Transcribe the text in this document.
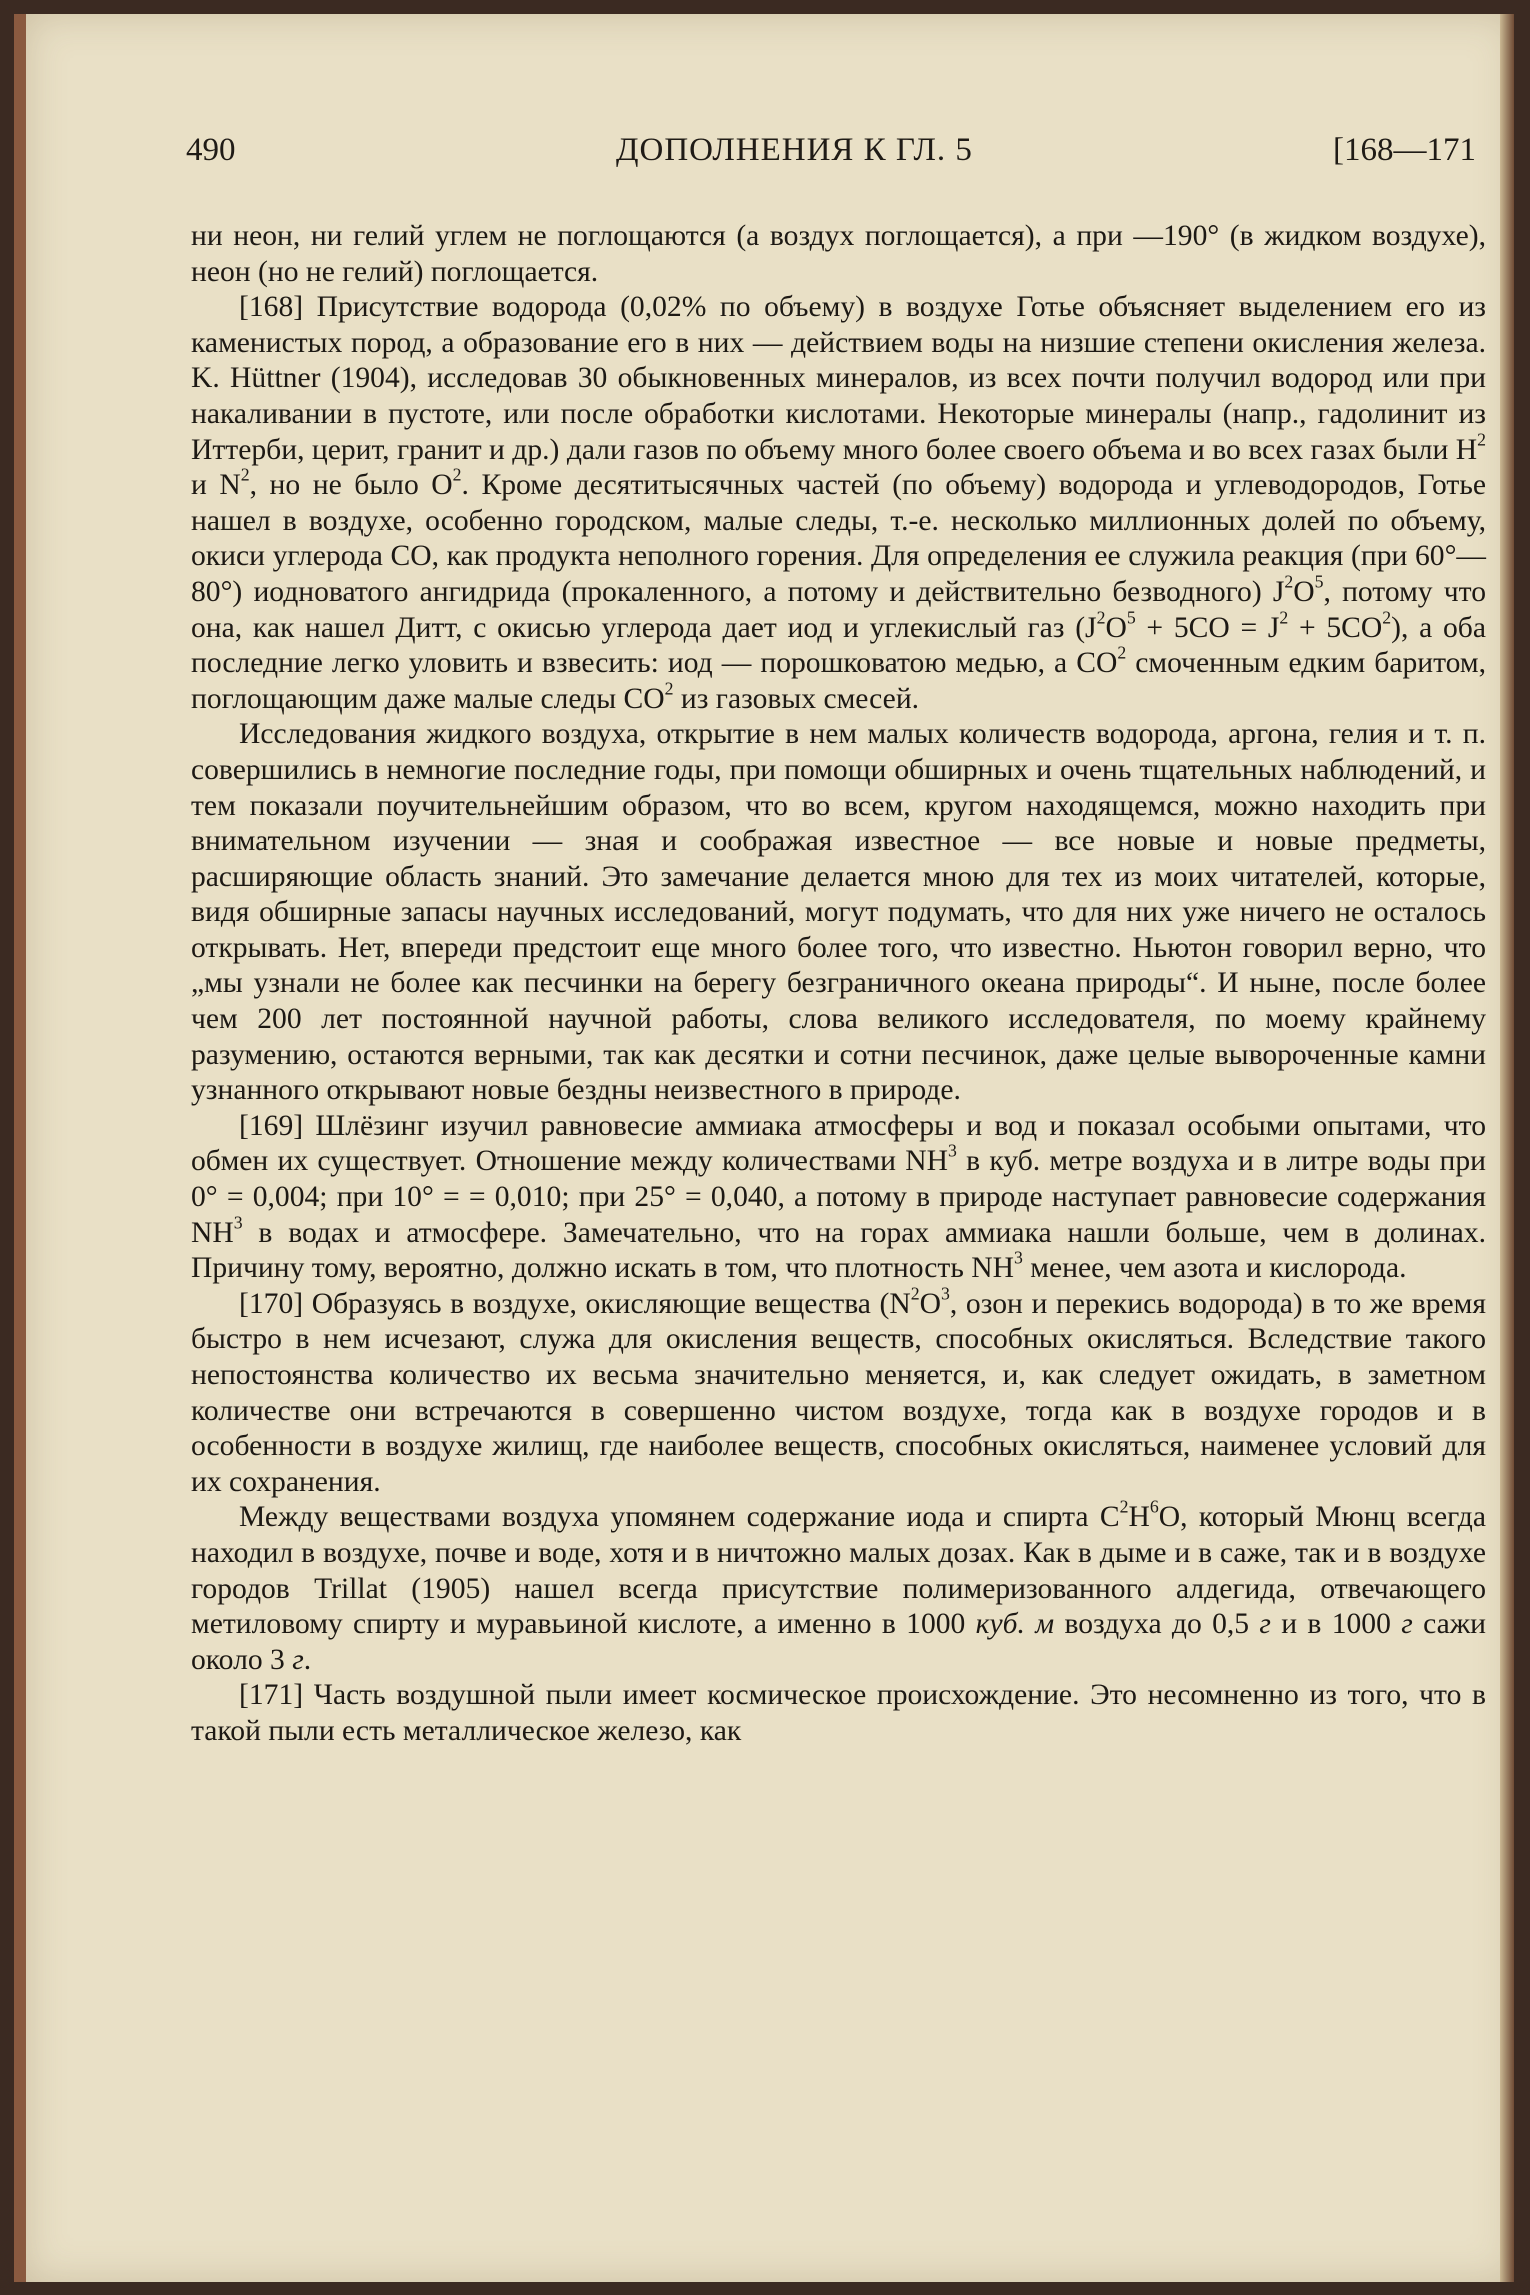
490	ДОПОЛНЕНИЯ К ГЛ. 5	[168—171

ни неон, ни гелий углем не поглощаются (а воздух поглощается), а при —190° (в жидком воздухе), неон (но не гелий) поглощается.

[168] Присутствие водорода (0,02% по объему) в воздухе Готье объясняет выделением его из каменистых пород, а образование его в них — действием воды на низшие степени окисления железа. K. Hüttner (1904), исследовав 30 обыкновенных минералов, из всех почти получил водород или при накаливании в пустоте, или после обработки кислотами. Некоторые минералы (напр., гадолинит из Иттерби, церит, гранит и др.) дали газов по объему много более своего объема и во всех газах были $H^2$ и $N^2$, но не было $O^2$. Кроме десятитысячных частей (по объему) водорода и углеводородов, Готье нашел в воздухе, особенно городском, малые следы, т.-е. несколько миллионных долей по объему, окиси углерода CO, как продукта неполного горения. Для определения ее служила реакция (при 60°—80°) иодноватого ангидрида (прокаленного, а потому и действительно безводного) $J^2O^5$, потому что она, как нашел Дитт, с окисью углерода дает иод и углекислый газ $(J^2O^5 + 5CO = J^2 + 5CO^2)$, а оба последние легко уловить и взвесить: иод — порошковатою медью, а $CO^2$ смоченным едким баритом, поглощающим даже малые следы $CO^2$ из газовых смесей.

Исследования жидкого воздуха, открытие в нем малых количеств водорода, аргона, гелия и т. п. совершились в немногие последние годы, при помощи обширных и очень тщательных наблюдений, и тем показали поучительнейшим образом, что во всем, кругом находящемся, можно находить при внимательном изучении — зная и соображая известное — все новые и новые предметы, расширяющие область знаний. Это замечание делается мною для тех из моих читателей, которые, видя обширные запасы научных исследований, могут подумать, что для них уже ничего не осталось открывать. Нет, впереди предстоит еще много более того, что известно. Ньютон говорил верно, что „мы узнали не более как песчинки на берегу безграничного океана природы“. И ныне, после более чем 200 лет постоянной научной работы, слова великого исследователя, по моему крайнему разумению, остаются верными, так как десятки и сотни песчинок, даже целые вывороченные камни узнанного открывают новые бездны неизвестного в природе.

[169] Шлёзинг изучил равновесие аммиака атмосферы и вод и показал особыми опытами, что обмен их существует. Отношение между количествами $NH^3$ в куб. метре воздуха и в литре воды при 0° = 0,004; при 10° = = 0,010; при 25° = 0,040, а потому в природе наступает равновесие содержания $NH^3$ в водах и атмосфере. Замечательно, что на горах аммиака нашли больше, чем в долинах. Причину тому, вероятно, должно искать в том, что плотность $NH^3$ менее, чем азота и кислорода.

[170] Образуясь в воздухе, окисляющие вещества ($N^2O^3$, озон и перекись водорода) в то же время быстро в нем исчезают, служа для окисления веществ, способных окисляться. Вследствие такого непостоянства количество их весьма значительно меняется, и, как следует ожидать, в заметном количестве они встречаются в совершенно чистом воздухе, тогда как в воздухе городов и в особенности в воздухе жилищ, где наиболее веществ, способных окисляться, наименее условий для их сохранения.

Между веществами воздуха упомянем содержание иода и спирта $C^2H^6O$, который Мюнц всегда находил в воздухе, почве и воде, хотя и в ничтожно малых дозах. Как в дыме и в саже, так и в воздухе городов Trillat (1905) нашел всегда присутствие полимеризованного алдегида, отвечающего метиловому спирту и муравьиной кислоте, а именно в 1000 куб. м воздуха до 0,5 г и в 1000 г сажи около 3 г.

[171] Часть воздушной пыли имеет космическое происхождение. Это несомненно из того, что в такой пыли есть металлическое железо, как
